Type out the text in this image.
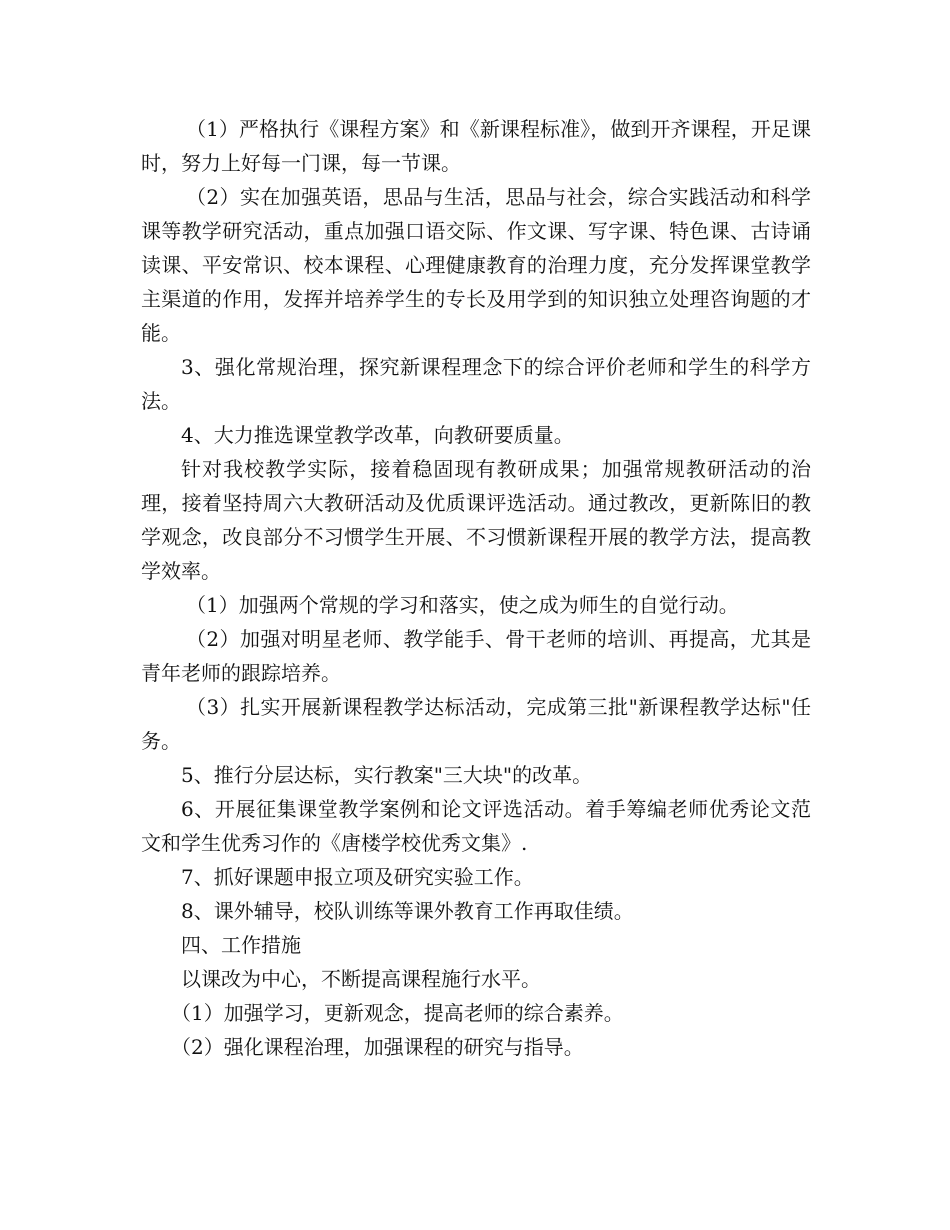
（1）严格执行《课程方案》和《新课程标准》，做到开齐课程，开足课时，努力上好每一门课，每一节课。

（2）实在加强英语，思品与生活，思品与社会，综合实践活动和科学课等教学研究活动，重点加强口语交际、作文课、写字课、特色课、古诗诵读课、平安常识、校本课程、心理健康教育的治理力度，充分发挥课堂教学主渠道的作用，发挥并培养学生的专长及用学到的知识独立处理咨询题的才能。

3、强化常规治理，探究新课程理念下的综合评价老师和学生的科学方法。

4、大力推选课堂教学改革，向教研要质量。

针对我校教学实际，接着稳固现有教研成果；加强常规教研活动的治理，接着坚持周六大教研活动及优质课评选活动。通过教改，更新陈旧的教学观念，改良部分不习惯学生开展、不习惯新课程开展的教学方法，提高教学效率。

（1）加强两个常规的学习和落实，使之成为师生的自觉行动。

（2）加强对明星老师、教学能手、骨干老师的培训、再提高，尤其是青年老师的跟踪培养。

（3）扎实开展新课程教学达标活动，完成第三批"新课程教学达标"任务。

5、推行分层达标，实行教案"三大块"的改革。

6、开展征集课堂教学案例和论文评选活动。着手筹编老师优秀论文范文和学生优秀习作的《唐楼学校优秀文集》.

7、抓好课题申报立项及研究实验工作。

8、课外辅导，校队训练等课外教育工作再取佳绩。

四、工作措施

以课改为中心，不断提高课程施行水平。

（1）加强学习，更新观念，提高老师的综合素养。

（2）强化课程治理，加强课程的研究与指导。
